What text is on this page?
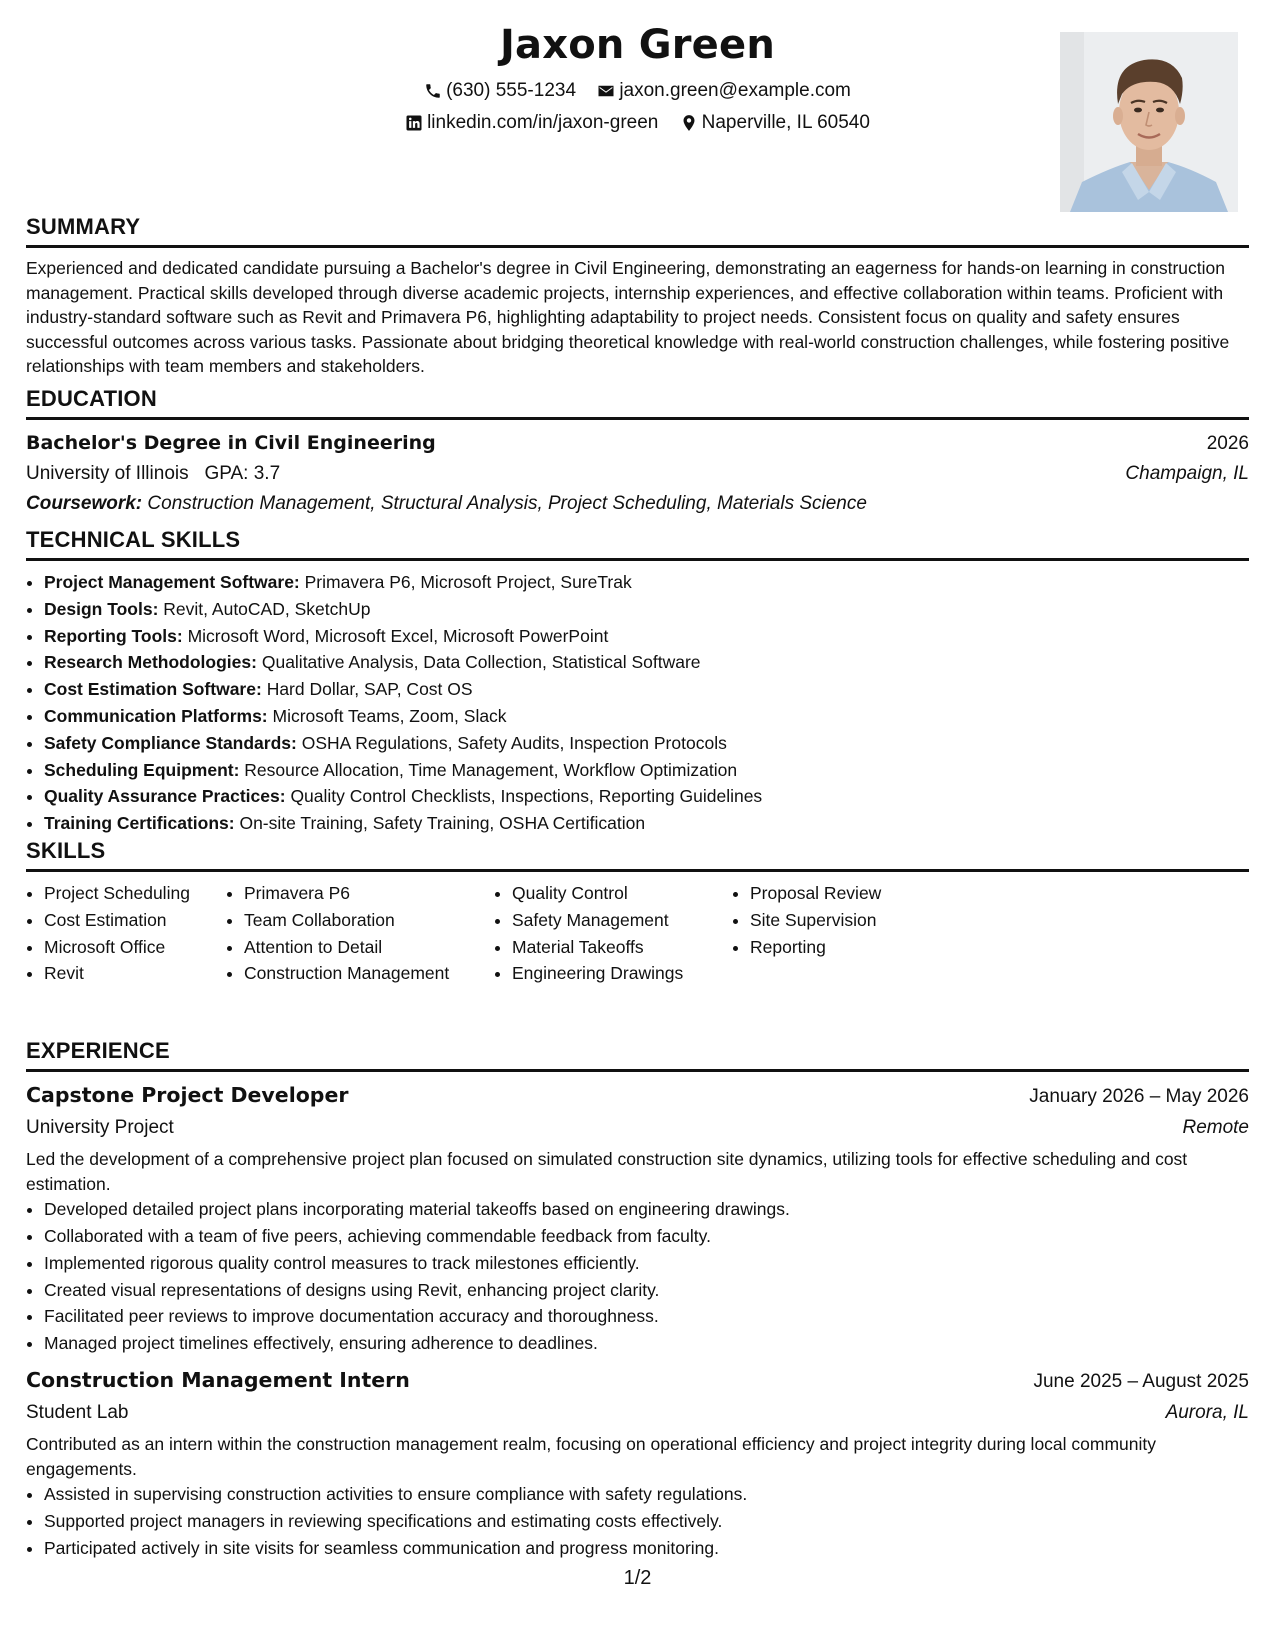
Jaxon Green
(630) 555-1234
jaxon.green@example.com
linkedin.com/in/jaxon-green
Naperville, IL 60540
SUMMARY

Experienced and dedicated candidate pursuing a Bachelor's degree in Civil Engineering, demonstrating an eagerness for hands-on learning in construction management. Practical skills developed through diverse academic projects, internship experiences, and effective collaboration within teams. Proficient with industry-standard software such as Revit and Primavera P6, highlighting adaptability to project needs. Consistent focus on quality and safety ensures successful outcomes across various tasks. Passionate about bridging theoretical knowledge with real-world construction challenges, while fostering positive relationships with team members and stakeholders.

EDUCATION
Bachelor's Degree in Civil Engineering	2026
University of Illinois GPA: 3.7	Champaign, IL
Coursework: Construction Management, Structural Analysis, Project Scheduling, Materials Science
TECHNICAL SKILLS
• Project Management Software: Primavera P6, Microsoft Project, SureTrak
• Design Tools: Revit, AutoCAD, SketchUp
• Reporting Tools: Microsoft Word, Microsoft Excel, Microsoft PowerPoint
• Research Methodologies: Qualitative Analysis, Data Collection, Statistical Software
• Cost Estimation Software: Hard Dollar, SAP, Cost OS
• Communication Platforms: Microsoft Teams, Zoom, Slack
• Safety Compliance Standards: OSHA Regulations, Safety Audits, Inspection Protocols
• Scheduling Equipment: Resource Allocation, Time Management, Workflow Optimization
• Quality Assurance Practices: Quality Control Checklists, Inspections, Reporting Guidelines
• Training Certifications: On-site Training, Safety Training, OSHA Certification
SKILLS
• Project Scheduling
• Cost Estimation
• Microsoft Office
• Revit
• Primavera P6
• Team Collaboration
• Attention to Detail
• Construction Management
• Quality Control
• Safety Management
• Material Takeoffs
• Engineering Drawings
• Proposal Review
• Site Supervision
• Reporting
EXPERIENCE
Capstone Project Developer	January 2026 – May 2026
University Project	Remote

Led the development of a comprehensive project plan focused on simulated construction site dynamics, utilizing tools for effective scheduling and cost estimation.

• Developed detailed project plans incorporating material takeoffs based on engineering drawings.
• Collaborated with a team of five peers, achieving commendable feedback from faculty.
• Implemented rigorous quality control measures to track milestones efficiently.
• Created visual representations of designs using Revit, enhancing project clarity.
• Facilitated peer reviews to improve documentation accuracy and thoroughness.
• Managed project timelines effectively, ensuring adherence to deadlines.
Construction Management Intern	June 2025 – August 2025
Student Lab	Aurora, IL

Contributed as an intern within the construction management realm, focusing on operational efficiency and project integrity during local community engagements.

• Assisted in supervising construction activities to ensure compliance with safety regulations.
• Supported project managers in reviewing specifications and estimating costs effectively.
• Participated actively in site visits for seamless communication and progress monitoring.
1/2
